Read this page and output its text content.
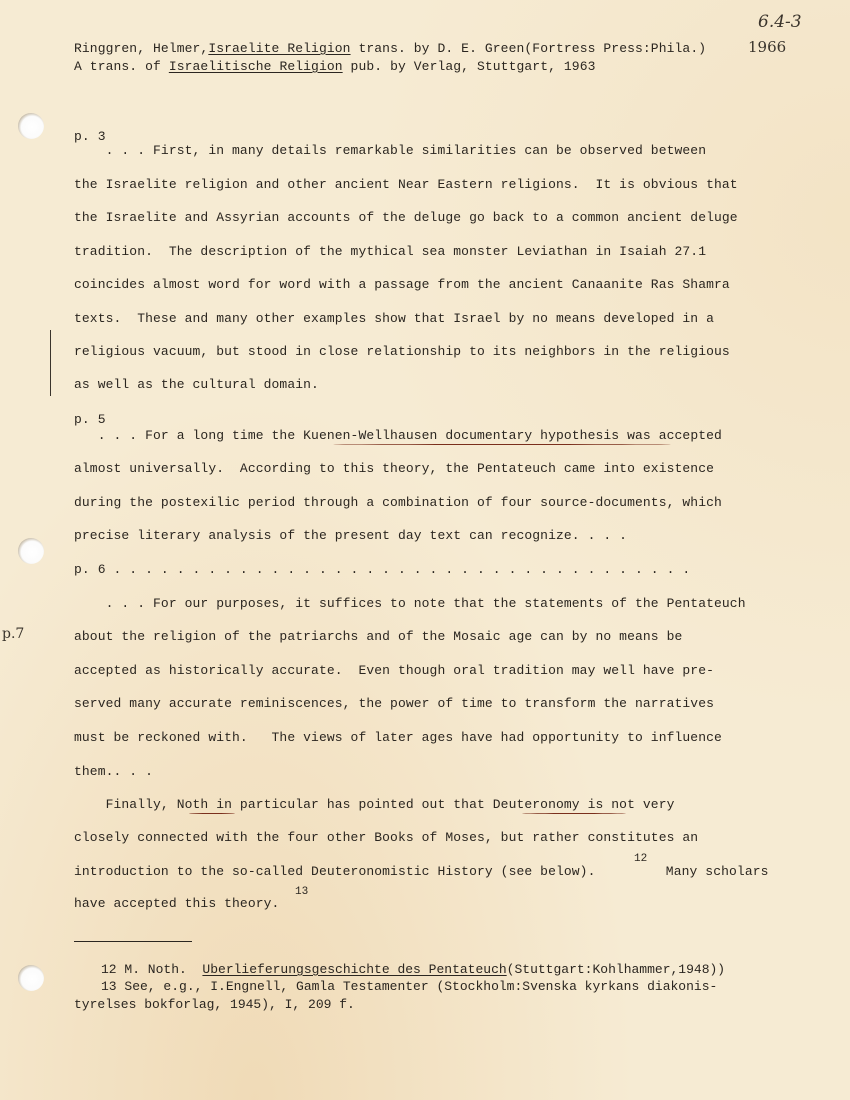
6.4-3
Ringgren, Helmer,Israelite Religion trans. by D. E. Green(Fortress Press:Phila.)	1966
A trans. of Israelitische Religion pub. by Verlag, Stuttgart, 1963
p. 3
. . . First, in many details remarkable similarities can be observed between
the Israelite religion and other ancient Near Eastern religions.  It is obvious that
the Israelite and Assyrian accounts of the deluge go back to a common ancient deluge
tradition.  The description of the mythical sea monster Leviathan in Isaiah 27.1
coincides almost word for word with a passage from the ancient Canaanite Ras Shamra
texts.  These and many other examples show that Israel by no means developed in a
religious vacuum, but stood in close relationship to its neighbors in the religious
as well as the cultural domain.
p. 5
. . . For a long time the Kuenen-Wellhausen documentary hypothesis was accepted
almost universally.  According to this theory, the Pentateuch came into existence
during the postexilic period through a combination of four source-documents, which
precise literary analysis of the present day text can recognize. . . .
p. 6 . . . . . . . . . . . . . . . . . . . . . . . . . . . . . . . . . . . . .
. . . For our purposes, it suffices to note that the statements of the Pentateuch
p.7	about the religion of the patriarchs and of the Mosaic age can by no means be
accepted as historically accurate.  Even though oral tradition may well have pre-
served many accurate reminiscences, the power of time to transform the narratives
must be reckoned with.   The views of later ages have had opportunity to influence
them.. . .
Finally, Noth in particular has pointed out that Deuteronomy is not very
closely connected with the four other Books of Moses, but rather constitutes an
introduction to the so-called Deuteronomistic History (see below).
12
Many scholars
have accepted this theory.
13
12 M. Noth.  Uberlieferungsgeschichte des Pentateuch(Stuttgart:Kohlhammer,1948))
13 See, e.g., I.Engnell, Gamla Testamenter (Stockholm:Svenska kyrkans diakonis-
tyrelses bokforlag, 1945), I, 209 f.
